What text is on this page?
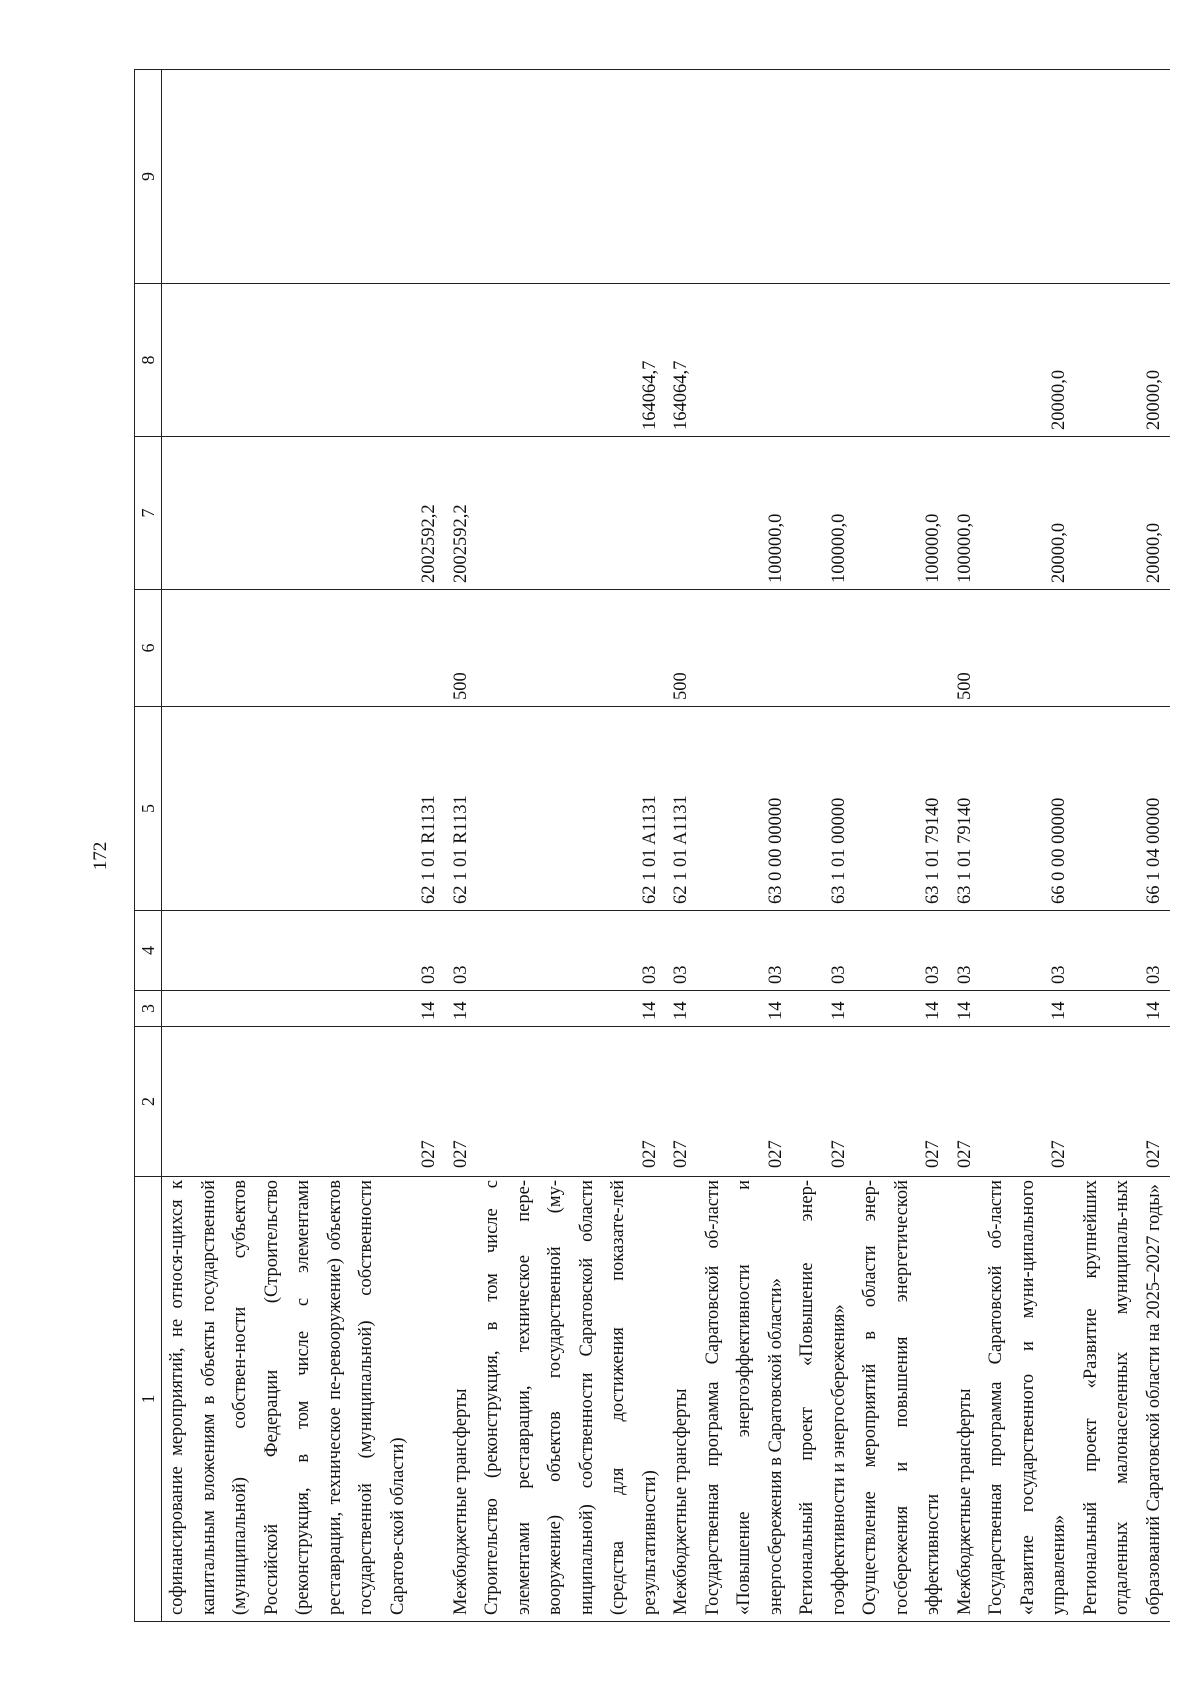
172
1	2	3	4	5	6	7	8	9
софинансирование мероприятий, не относя-щихся к капитальным вложениям в объекты государственной (муниципальной) собствен-ности субъектов Российской Федерации (Строительство (реконструкция, в том числе с элементами реставрации, техническое пе-ревооружение) объектов государственной (муниципальной) собственности Саратов-ской области)								
	027	14	03	62 1 01 R1131		2002592,2		
Межбюджетные трансферты	027	14	03	62 1 01 R1131	500	2002592,2		
Строительство (реконструкция, в том числе с элементами реставрации, техническое пере-вооружение) объектов государственной (му-ниципальной) собственности Саратовской области (средства для достижения показате-лей результативности)	027	14	03	62 1 01 A1131			164064,7	
Межбюджетные трансферты	027	14	03	62 1 01 A1131	500		164064,7	
Государственная программа Саратовской об-ласти «Повышение энергоэффективности и энергосбережения в Саратовской области»	027	14	03	63 0 00 00000		100000,0		
Региональный проект «Повышение энер-гоэффективности и энергосбережения»	027	14	03	63 1 01 00000		100000,0		
Осуществление мероприятий в области энер-госбережения и повышения энергетической эффективности	027	14	03	63 1 01 79140		100000,0		
Межбюджетные трансферты	027	14	03	63 1 01 79140	500	100000,0		
Государственная программа Саратовской об-ласти «Развитие государственного и муни-ципального управления»	027	14	03	66 0 00 00000		20000,0	20000,0	
Региональный проект «Развитие крупнейших отдаленных малонаселенных муниципаль-ных образований Саратовской области на 2025–2027 годы»	027	14	03	66 1 04 00000		20000,0	20000,0	
